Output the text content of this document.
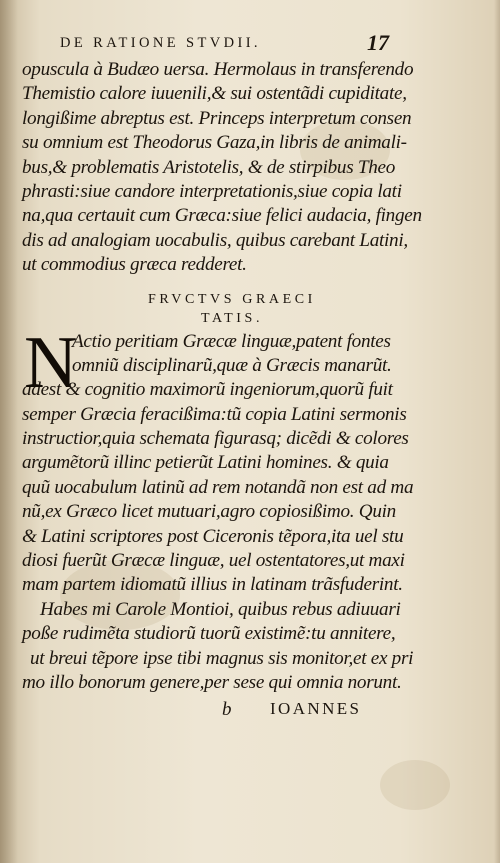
DE RATIONE STVDII.	17
opuscula à Budæo uersa. Hermolaus in transferendo
Themistio calore iuuenili,& sui ostentãdi cupiditate,
longißime abreptus est. Princeps interpretum consen
su omnium est Theodorus Gaza,in libris de animali-
bus,& problematis Aristotelis, & de stirpibus Theo
phrasti:siue candore interpretationis,siue copia lati
na,qua certauit cum Græca:siue felici audacia, fingen
dis ad analogiam uocabulis, quibus carebant Latini,
ut commodius græca redderet.
FRVCTVS GRAECI
TATIS.
N
Actio peritiam Græcæ linguæ,patent fontes
omniũ disciplinarũ,quæ à Græcis manarũt.
adest & cognitio maximorũ ingeniorum,quorũ fuit
semper Græcia feracißima:tũ copia Latini sermonis
instructior,quia schemata figurasq; dicẽdi & colores
argumẽtorũ illinc petierũt Latini homines. & quia
quũ uocabulum latinũ ad rem notandã non est ad ma
nũ,ex Græco licet mutuari,agro copiosißimo. Quin
& Latini scriptores post Ciceronis tẽpora,ita uel stu
diosi fuerũt Græcæ linguæ, uel ostentatores,ut maxi
mam partem idiomatũ illius in latinam trãsfuderint.
Habes mi Carole Montioi, quibus rebus adiuuari
poße rudimẽta studiorũ tuorũ existimẽ:tu annitere,
ut breui tẽpore ipse tibi magnus sis monitor,et ex pri
mo illo bonorum genere,per sese qui omnia norunt.
b IOANNES
